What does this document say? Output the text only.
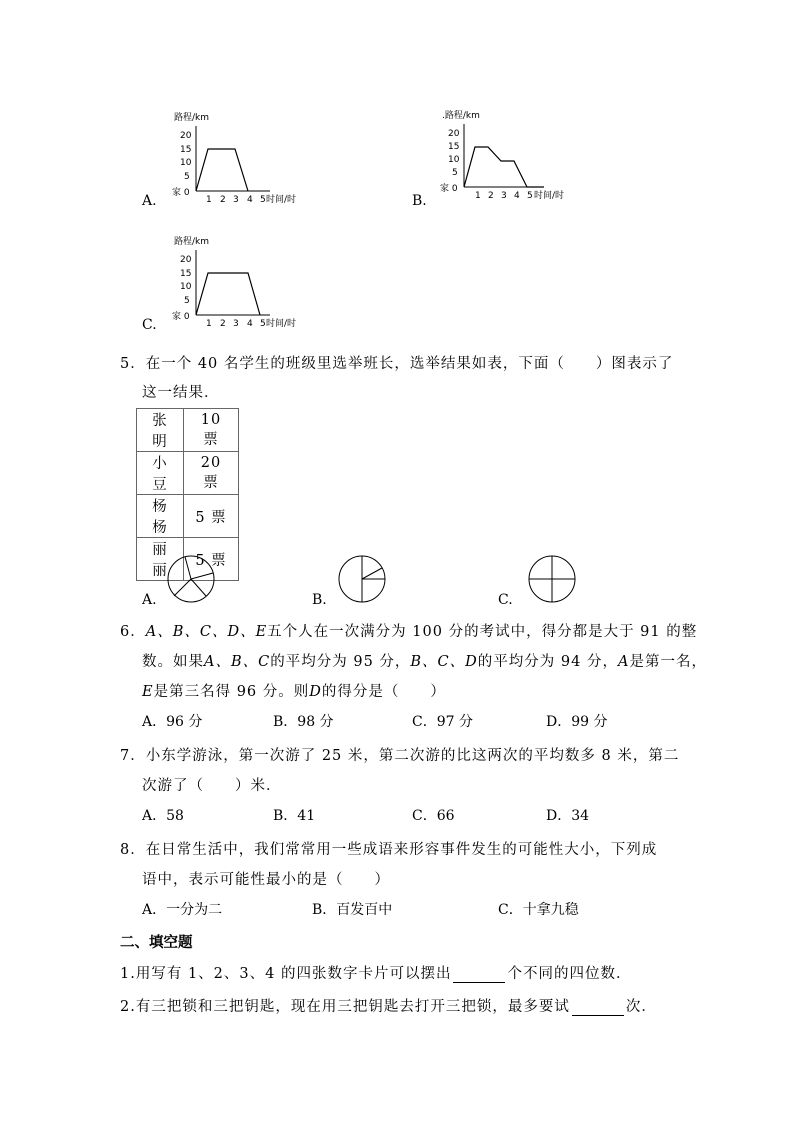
路程/km
20
15
10
5
家 0
1 2 3 4 5 时间/时
A.
.路程/km
20
15
10
5
家 0
1 2 3 4 5 时间/时
B.
路程/km
20
15
10
5
家 0
1 2 3 4 5 时间/时
C.
5．在一个 40 名学生的班级里选举班长，选举结果如表，下面（　　）图表示了
这一结果．
张明	10 票
小豆	20 票
杨杨	5 票
丽丽	5 票
A.	B.	C.
6．A、B、C、D、E五个人在一次满分为 100 分的考试中，得分都是大于 91 的整
数。如果A、B、C的平均分为 95 分，B、C、D的平均分为 94 分，A是第一名，
E是第三名得 96 分。则D的得分是（　　）
A．96 分	B．98 分	C．97 分	D．99 分
7．小东学游泳，第一次游了 25 米，第二次游的比这两次的平均数多 8 米，第二
次游了（　　）米．
A．58	B．41	C．66	D．34
8．在日常生活中，我们常常用一些成语来形容事件发生的可能性大小，下列成
语中，表示可能性最小的是（　　）
A．一分为二	B．百发百中	C．十拿九稳
二、填空题
1.用写有 1、2、3、4 的四张数字卡片可以摆出	个不同的四位数．
2.有三把锁和三把钥匙，现在用三把钥匙去打开三把锁，最多要试	次．
